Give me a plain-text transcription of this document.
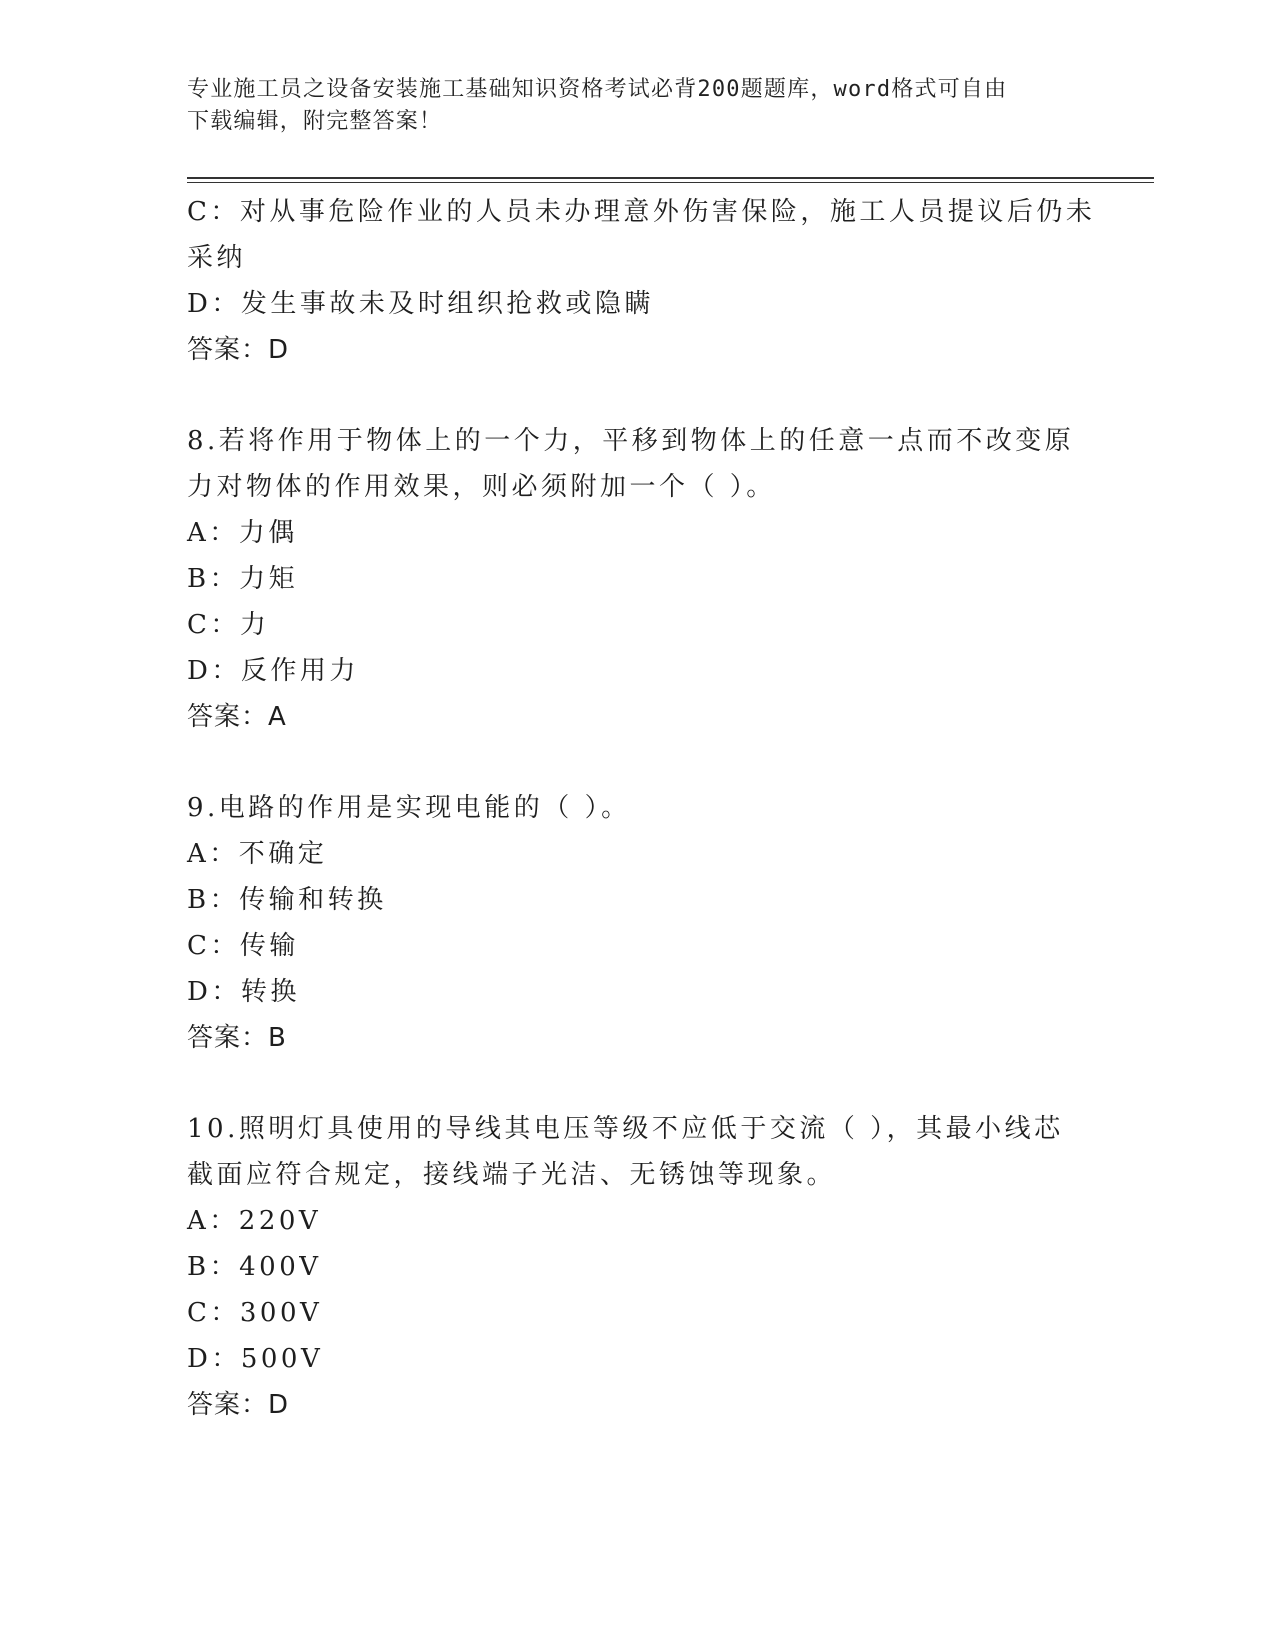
专业施工员之设备安装施工基础知识资格考试必背200题题库，word格式可自由
下载编辑，附完整答案！
C：对从事危险作业的人员未办理意外伤害保险，施工人员提议后仍未
采纳
D：发生事故未及时组织抢救或隐瞒
答案：D
8.若将作用于物体上的一个力，平移到物体上的任意一点而不改变原
力对物体的作用效果，则必须附加一个（ ）。
A：力偶
B：力矩
C：力
D：反作用力
答案：A
9.电路的作用是实现电能的（ ）。
A：不确定
B：传输和转换
C：传输
D：转换
答案：B
10.照明灯具使用的导线其电压等级不应低于交流（ ），其最小线芯
截面应符合规定，接线端子光洁、无锈蚀等现象。
A：220V
B：400V
C：300V
D：500V
答案：D
